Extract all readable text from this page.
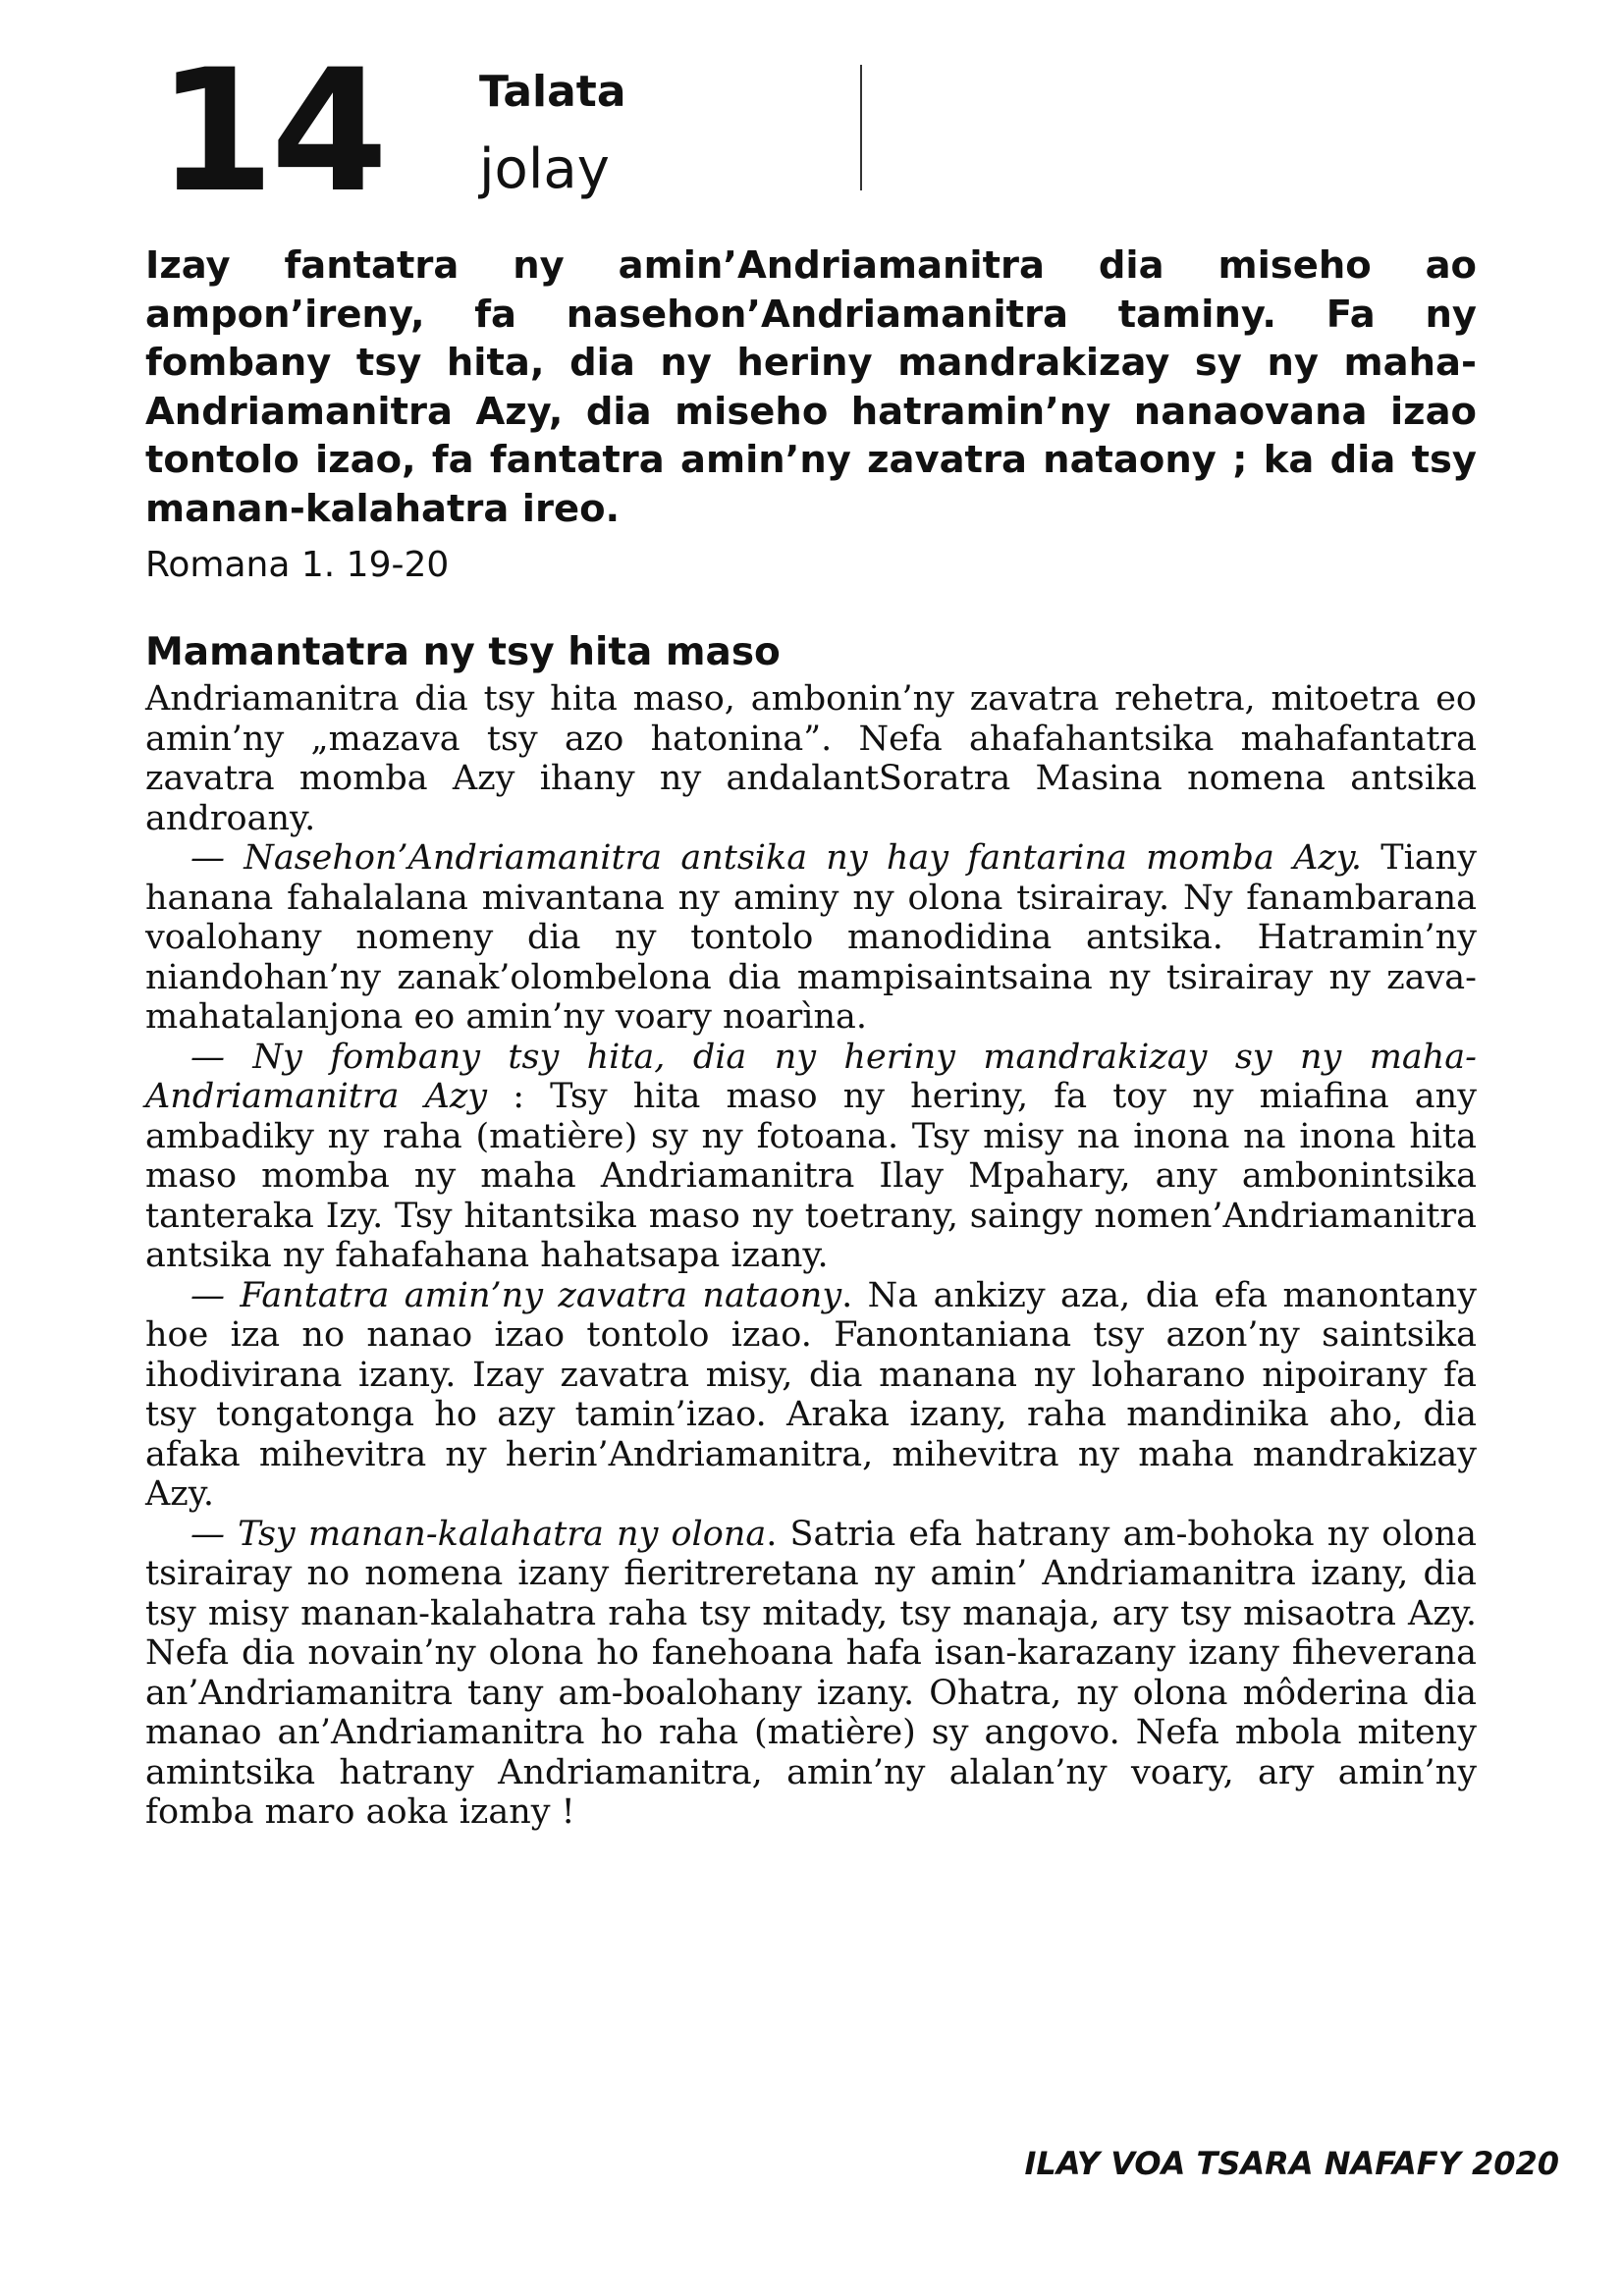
14 Talata
jolay

Izay fantatra ny amin’Andriamanitra dia miseho ao ampon’ireny, fa nasehon’Andriamanitra taminy. Fa ny fombany tsy hita, dia ny heriny mandrakizay sy ny maha-Andriamanitra Azy, dia miseho hatramin’ny nanaovana izao tontolo izao, fa fantatra amin’ny zavatra nataony ; ka dia tsy manan-kalahatra ireo.

Romana 1. 19-20

Mamantatra ny tsy hita maso

Andriamanitra dia tsy hita maso, ambonin’ny zavatra rehetra, mitoetra eo amin’ny „mazava tsy azo hatonina”. Nefa ahafahantsika mahafantatra zavatra momba Azy ihany ny andalantSoratra Masina nomena antsika androany.

— Nasehon’Andriamanitra antsika ny hay fantarina momba Azy. Tiany hanana fahalalana mivantana ny aminy ny olona tsirairay. Ny fanambarana voalohany nomeny dia ny tontolo manodidina antsika. Hatramin’ny niandohan’ny zanak’olombelona dia mampisaintsaina ny tsirairay ny zava-mahatalanjona eo amin’ny voary noarìna.

— Ny fombany tsy hita, dia ny heriny mandrakizay sy ny maha-Andriamanitra Azy : Tsy hita maso ny heriny, fa toy ny miafina any ambadiky ny raha (matière) sy ny fotoana. Tsy misy na inona na inona hita maso momba ny maha Andriamanitra Ilay Mpahary, any ambonintsika tanteraka Izy. Tsy hitantsika maso ny toetrany, saingy nomen’Andriamanitra antsika ny fahafahana hahatsapa izany.

— Fantatra amin’ny zavatra nataony. Na ankizy aza, dia efa manontany hoe iza no nanao izao tontolo izao. Fanontaniana tsy azon’ny saintsika ihodivirana izany. Izay zavatra misy, dia manana ny loharano nipoirany fa tsy tongatonga ho azy tamin’izao. Araka izany, raha mandinika aho, dia afaka mihevitra ny herin’Andriamanitra, mihevitra ny maha mandrakizay Azy.

— Tsy manan-kalahatra ny olona. Satria efa hatrany am-bohoka ny olona tsirairay no nomena izany fieritreretana ny amin’ Andriamanitra izany, dia tsy misy manan-kalahatra raha tsy mitady, tsy manaja, ary tsy misaotra Azy. Nefa dia novain’ny olona ho fanehoana hafa isan-karazany izany fiheverana an’Andriamanitra tany am-boalohany izany. Ohatra, ny olona môderina dia manao an’Andriamanitra ho raha (matière) sy angovo. Nefa mbola miteny amintsika hatrany Andriamanitra, amin’ny alalan’ny voary, ary amin’ny fomba maro aoka izany !

ILAY VOA TSARA NAFAFY 2020
